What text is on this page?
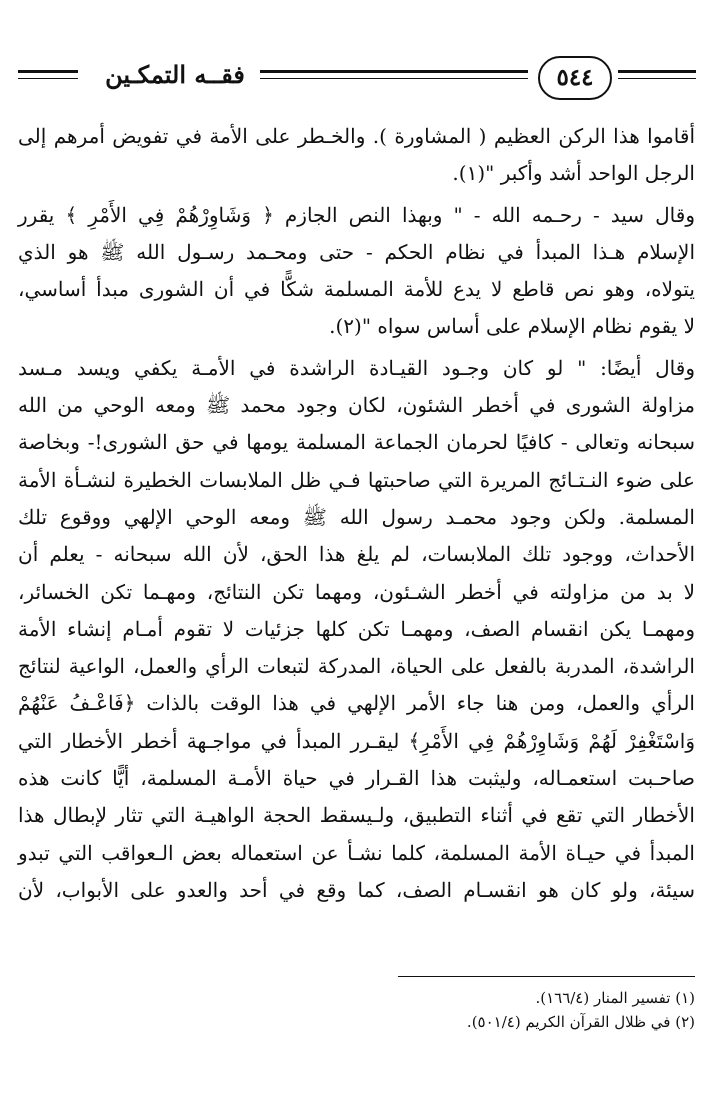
فقــه التمكـين	٥٤٤

أقاموا هذا الركن العظيم ( المشاورة ). والخـطر على الأمة في تفويض أمرهم إلى
الرجل الواحد أشد وأكبر "(١).

وقال سيد - رحـمه الله - " وبهذا النص الجازم ﴿ وَشَاوِرْهُمْ فِي الأَمْرِ ﴾ يقرر
الإسلام هـذا المبدأ في نظام الحكم - حتى ومحـمد رسـول الله ﷺ هو الذي
يتولاه، وهو نص قاطع لا يدع للأمة المسلمة شكًّا في أن الشورى مبدأ أساسي،
لا يقوم نظام الإسلام على أساس سواه "(٢).

وقال أيضًا: " لو كان وجـود القيـادة الراشدة في الأمـة يكفي ويسد مـسد
مزاولة الشورى في أخطر الشئون، لكان وجود محمد ﷺ ومعه الوحي من الله
سبحانه وتعالى - كافيًا لحرمان الجماعة المسلمة يومها في حق الشورى!- وبخاصة
على ضوء النـتـائج المريرة التي صاحبتها فـي ظل الملابسات الخطيرة لنشـأة الأمة
المسلمة. ولكن وجود محمـد رسول الله ﷺ ومعه الوحي الإلهي ووقوع تلك
الأحداث، ووجود تلك الملابسات، لم يلغ هذا الحق، لأن الله سبحانه - يعلم أن
لا بد من مزاولته في أخطر الشـئون، ومهما تكن النتائج، ومهـما تكن الخسائر،
ومهمـا يكن انقسام الصف، ومهمـا تكن كلها جزئيات لا تقوم أمـام إنشاء الأمة
الراشدة، المدربة بالفعل على الحياة، المدركة لتبعات الرأي والعمل، الواعية لنتائج
الرأي والعمل، ومن هنا جاء الأمر الإلهي في هذا الوقت بالذات ﴿فَاعْـفُ عَنْهُمْ
وَاسْتَغْفِرْ لَهُمْ وَشَاوِرْهُمْ فِي الأَمْرِ﴾ ليقـرر المبدأ في مواجـهة أخطر الأخطار التي
صاحـبت استعمـاله، وليثبت هذا القـرار في حياة الأمـة المسلمة، أيًّا كانت هذه
الأخطار التي تقع في أثناء التطبيق، ولـيسقط الحجة الواهيـة التي تثار لإبطال هذا
المبدأ في حيـاة الأمة المسلمة، كلما نشـأ عن استعماله بعض الـعواقب التي تبدو
سيئة، ولو كان هو انقسـام الصف، كما وقع في أحد والعدو على الأبواب، لأن

(١) تفسير المنار (١٦٦/٤).
(٢) في ظلال القرآن الكريم (٥٠١/٤).
